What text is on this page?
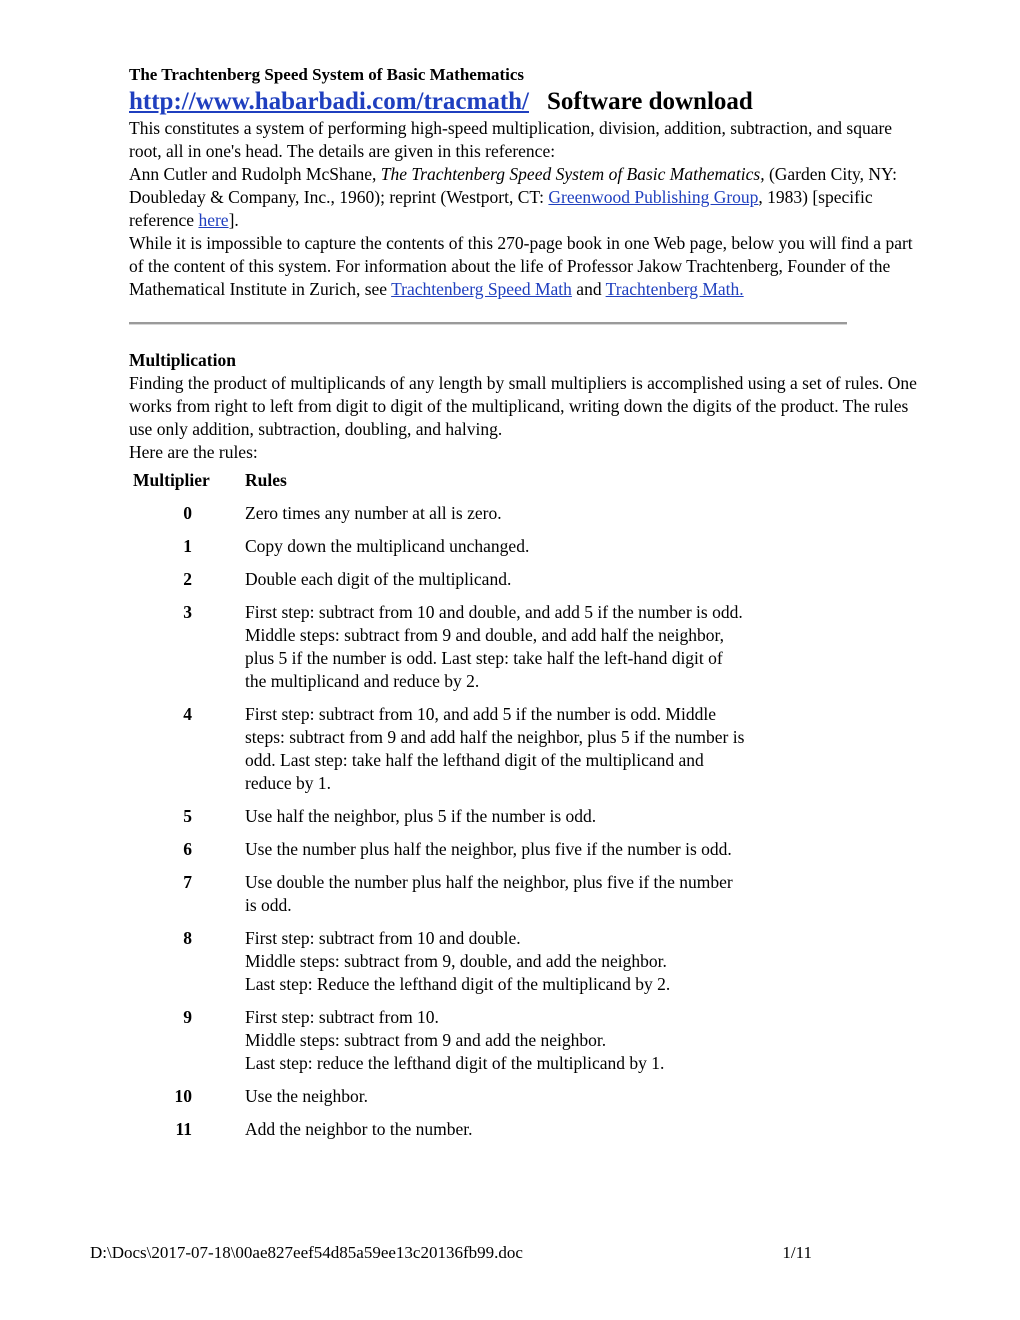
The Trachtenberg Speed System of Basic Mathematics
http://www.habarbadi.com/tracmath/ Software download

This constitutes a system of performing high-speed multiplication, division, addition, subtraction, and square root, all in one's head. The details are given in this reference:

Ann Cutler and Rudolph McShane, The Trachtenberg Speed System of Basic Mathematics, (Garden City, NY: Doubleday & Company, Inc., 1960); reprint (Westport, CT: Greenwood Publishing Group, 1983) [specific reference here].

While it is impossible to capture the contents of this 270-page book in one Web page, below you will find a part of the content of this system. For information about the life of Professor Jakow Trachtenberg, Founder of the Mathematical Institute in Zurich, see Trachtenberg Speed Math and Trachtenberg Math.

Multiplication

Finding the product of multiplicands of any length by small multipliers is accomplished using a set of rules. One works from right to left from digit to digit of the multiplicand, writing down the digits of the product. The rules use only addition, subtraction, doubling, and halving.

Here are the rules:

Multiplier	Rules
0	Zero times any number at all is zero.

1	Copy down the multiplicand unchanged.

2	Double each digit of the multiplicand.

3	First step: subtract from 10 and double, and add 5 if the number is odd. Middle steps: subtract from 9 and double, and add half the neighbor, plus 5 if the number is odd. Last step: take half the left-hand digit of the multiplicand and reduce by 2.

4	First step: subtract from 10, and add 5 if the number is odd. Middle steps: subtract from 9 and add half the neighbor, plus 5 if the number is odd. Last step: take half the lefthand digit of the multiplicand and reduce by 1.

5	Use half the neighbor, plus 5 if the number is odd.

6	Use the number plus half the neighbor, plus five if the number is odd.

7	Use double the number plus half the neighbor, plus five if the number is odd.

8	First step: subtract from 10 and double.
Middle steps: subtract from 9, double, and add the neighbor.
Last step: Reduce the lefthand digit of the multiplicand by 2.

9	First step: subtract from 10.
Middle steps: subtract from 9 and add the neighbor.
Last step: reduce the lefthand digit of the multiplicand by 1.

10	Use the neighbor.

11	Add the neighbor to the number.
D:\Docs\2017-07-18\00ae827eef54d85a59ee13c20136fb99.doc	1/11
